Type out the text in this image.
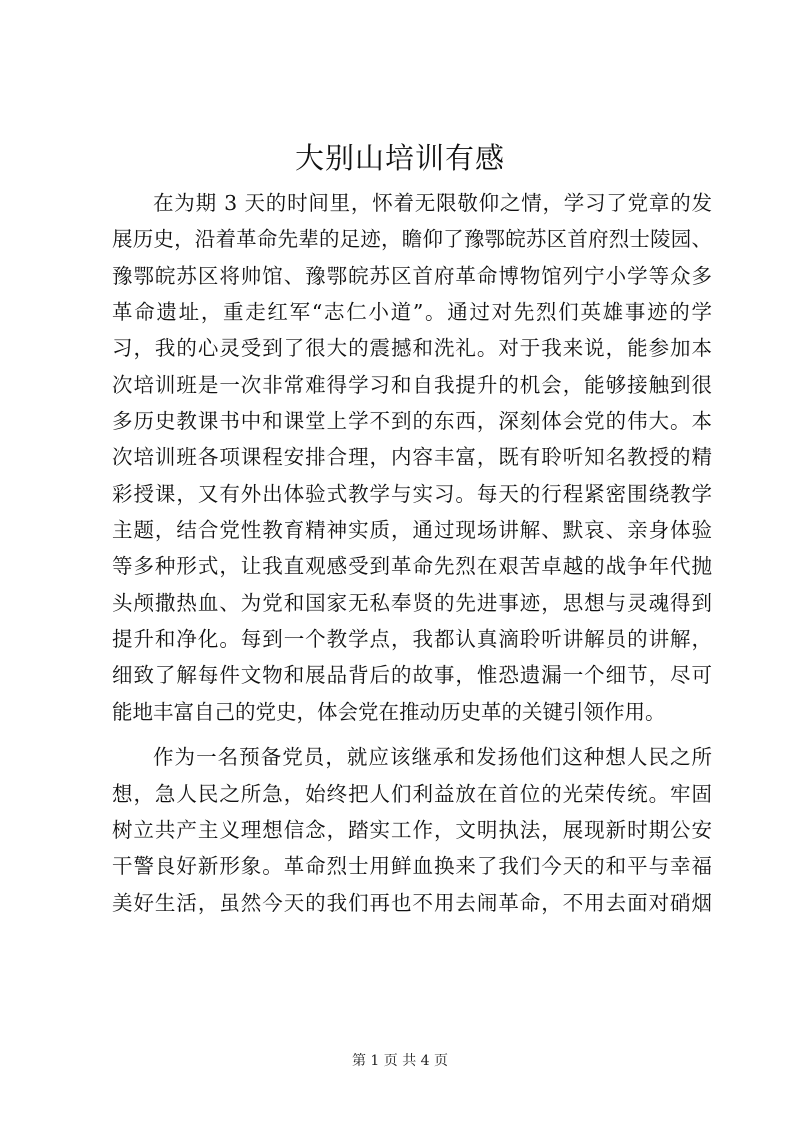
大别山培训有感
在为期 3 天的时间里，怀着无限敬仰之情，学习了党章的发
展历史，沿着革命先辈的足迹，瞻仰了豫鄂皖苏区首府烈士陵园、
豫鄂皖苏区将帅馆、豫鄂皖苏区首府革命博物馆列宁小学等众多
革命遗址，重走红军“志仁小道”。通过对先烈们英雄事迹的学
习，我的心灵受到了很大的震撼和洗礼。对于我来说，能参加本
次培训班是一次非常难得学习和自我提升的机会，能够接触到很
多历史教课书中和课堂上学不到的东西，深刻体会党的伟大。本
次培训班各项课程安排合理，内容丰富，既有聆听知名教授的精
彩授课，又有外出体验式教学与实习。每天的行程紧密围绕教学
主题，结合党性教育精神实质，通过现场讲解、默哀、亲身体验
等多种形式，让我直观感受到革命先烈在艰苦卓越的战争年代抛
头颅撒热血、为党和国家无私奉贤的先进事迹，思想与灵魂得到
提升和净化。每到一个教学点，我都认真滴聆听讲解员的讲解，
细致了解每件文物和展品背后的故事，惟恐遗漏一个细节，尽可
能地丰富自己的党史，体会党在推动历史革的关键引领作用。
作为一名预备党员，就应该继承和发扬他们这种想人民之所
想，急人民之所急，始终把人们利益放在首位的光荣传统。牢固
树立共产主义理想信念，踏实工作，文明执法，展现新时期公安
干警良好新形象。革命烈士用鲜血换来了我们今天的和平与幸福
美好生活，虽然今天的我们再也不用去闹革命，不用去面对硝烟

第 1 页 共 4 页
